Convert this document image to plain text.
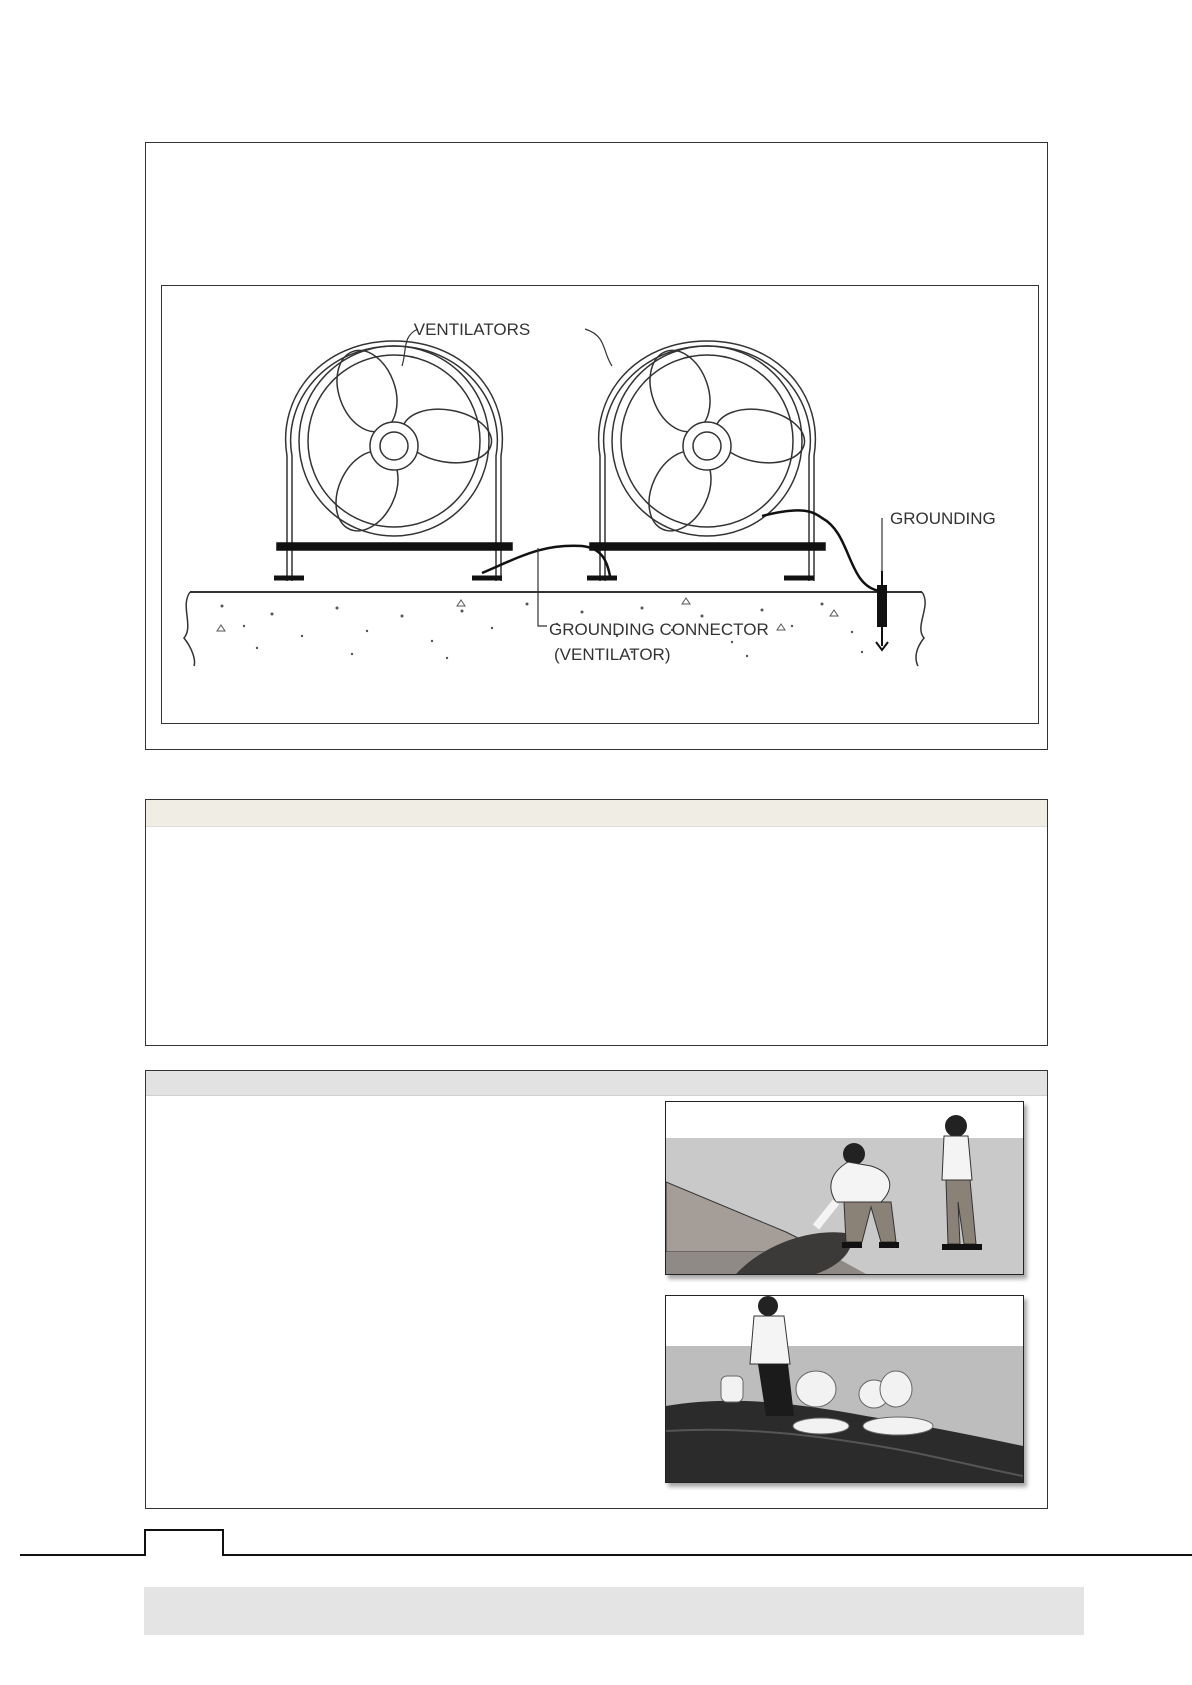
VENTILATORS
GROUNDING
GROUNDING CONNECTOR
(VENTILATOR)
